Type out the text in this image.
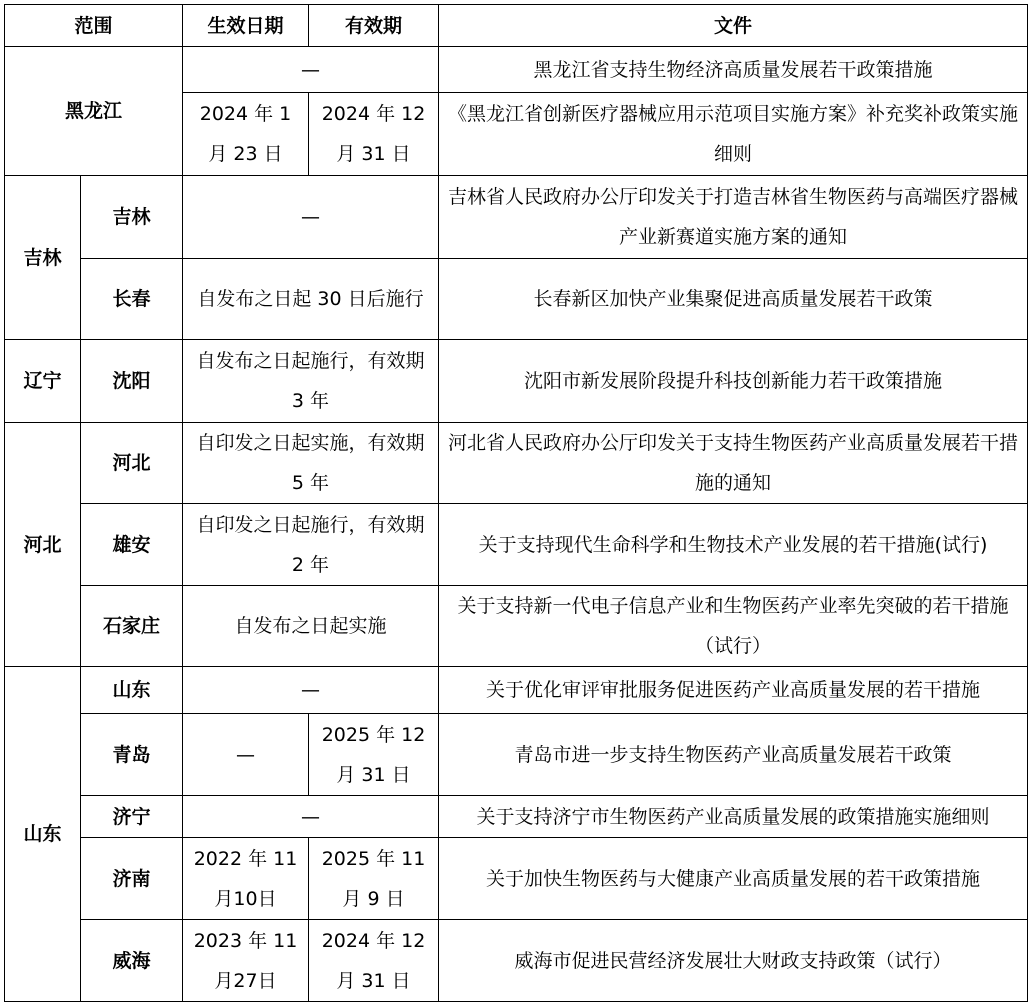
范围		生效日期	有效期	文件
黑龙江		—		黑龙江省支持生物经济高质量发展若干政策措施
		2024 年 1 月 23 日	2024 年 12 月 31 日	《黑龙江省创新医疗器械应用示范项目实施方案》补充奖补政策实施细则
吉林	吉林	—		吉林省人民政府办公厅印发关于打造吉林省生物医药与高端医疗器械产业新赛道实施方案的通知
	长春	自发布之日起 30 日后施行		长春新区加快产业集聚促进高质量发展若干政策
辽宁	沈阳	自发布之日起施行，有效期 3 年		沈阳市新发展阶段提升科技创新能力若干政策措施
河北	河北	自印发之日起实施，有效期 5 年		河北省人民政府办公厅印发关于支持生物医药产业高质量发展若干措施的通知
	雄安	自印发之日起施行，有效期 2 年		关于支持现代生命科学和生物技术产业发展的若干措施(试行)
	石家庄	自发布之日起实施		关于支持新一代电子信息产业和生物医药产业率先突破的若干措施（试行）
山东	山东	—		关于优化审评审批服务促进医药产业高质量发展的若干措施
	青岛	—	2025 年 12 月 31 日	青岛市进一步支持生物医药产业高质量发展若干政策
	济宁	—		关于支持济宁市生物医药产业高质量发展的政策措施实施细则
	济南	2022 年 11月10日	2025 年 11 月 9 日	关于加快生物医药与大健康产业高质量发展的若干政策措施
	威海	2023 年 11月27日	2024 年 12 月 31 日	威海市促进民营经济发展壮大财政支持政策（试行）
